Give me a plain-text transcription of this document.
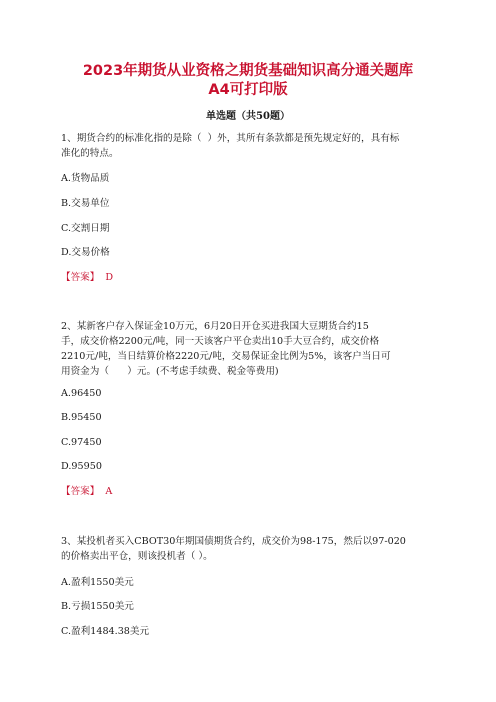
2023年期货从业资格之期货基础知识高分通关题库
A4可打印版
单选题（共50题）
1、期货合约的标准化指的是除（  ）外，其所有条款都是预先规定好的，具有标
准化的特点。
A.货物品质
B.交易单位
C.交割日期
D.交易价格
【答案】 D
2、某新客户存入保证金10万元，6月20日开仓买进我国大豆期货合约15
手，成交价格2200元/吨，同一天该客户平仓卖出10手大豆合约，成交价格
2210元/吨，当日结算价格2220元/吨，交易保证金比例为5%，该客户当日可
用资金为（      ）元。(不考虑手续费、税金等费用)
A.96450
B.95450
C.97450
D.95950
【答案】 A
3、某投机者买入CBOT30年期国债期货合约，成交价为98-175，然后以97-020
的价格卖出平仓，则该投机者（ ）。
A.盈利1550美元
B.亏损1550美元
C.盈利1484.38美元
